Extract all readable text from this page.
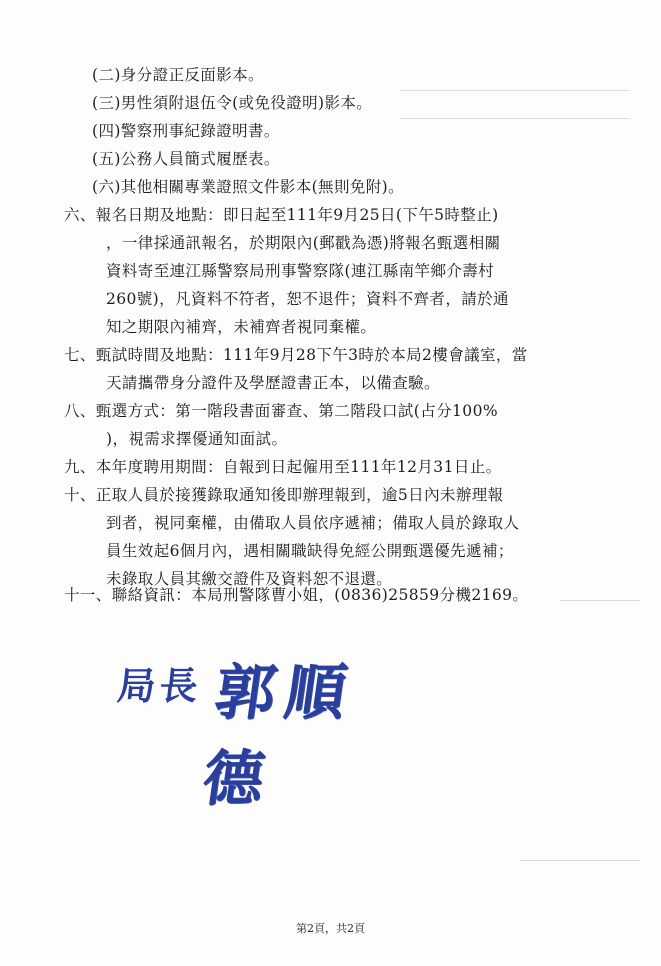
(二)身分證正反面影本。
(三)男性須附退伍令(或免役證明)影本。
(四)警察刑事紀錄證明書。
(五)公務人員簡式履歷表。
(六)其他相關專業證照文件影本(無則免附)。
六、報名日期及地點：即日起至111年9月25日(下午5時整止)
，一律採通訊報名，於期限內(郵戳為憑)將報名甄選相關
資料寄至連江縣警察局刑事警察隊(連江縣南竿鄉介壽村
260號)，凡資料不符者，恕不退件；資料不齊者，請於通
知之期限內補齊，未補齊者視同棄權。
七、甄試時間及地點：111年9月28下午3時於本局2樓會議室，當
天請攜帶身分證件及學歷證書正本，以備查驗。
八、甄選方式：第一階段書面審查、第二階段口試(占分100%
)，視需求擇優通知面試。
九、本年度聘用期間：自報到日起僱用至111年12月31日止。
十、正取人員於接獲錄取通知後即辦理報到，逾5日內未辦理報
到者，視同棄權，由備取人員依序遞補；備取人員於錄取人
員生效起6個月內，遇相關職缺得免經公開甄選優先遞補；
未錄取人員其繳交證件及資料恕不退還。
十一、聯絡資訊：本局刑警隊曹小姐，(0836)25859分機2169。
局長 郭順德
第2頁，共2頁
